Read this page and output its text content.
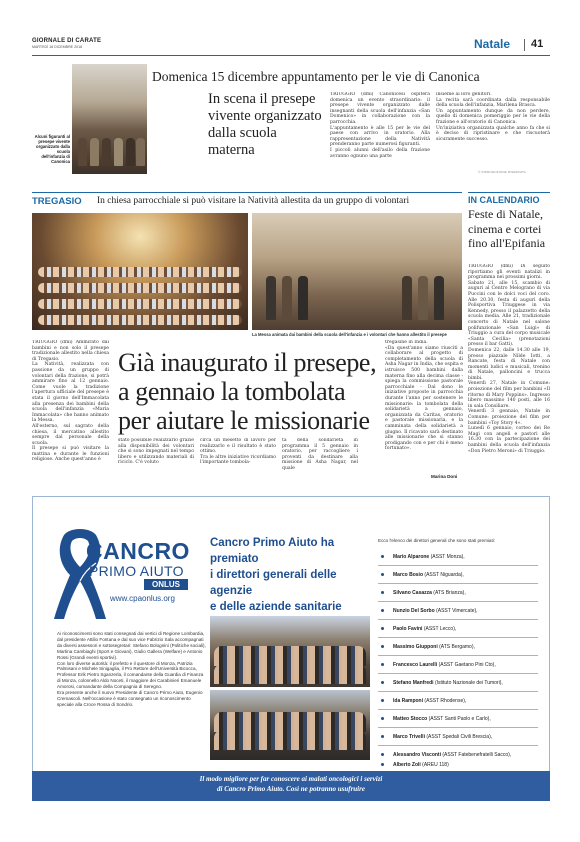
GIORNALE DI CARATE
MARTEDÌ 18 DICEMBRE 2018	Natale 41
Alcuni figuranti al presepe vivente organizzato dalla scuola dell'infanzia di Canonica
Domenica 15 dicembre appuntamento per le vie di Canonica
In scena il presepe
vivente organizzato
dalla scuola materna
TRIUGGIO (dmi) Canonicesi ospiterà domenica un evento straordinario: il presepe vivente organizzato dalle insegnanti della scuola dell'infanzia «San Domenico» in collaborazione con la parrocchia.
L'appuntamento è alle 15 per le vie del paese con arrivo in oratorio. Alla rappresentazione della Natività prenderanno parte numerosi figuranti.
I piccoli alunni dell'asilo della frazione avranno ognuno una parte
insieme ai loro genitori.
La recita sarà coordinata dalla responsabile della scuola dell'infanzia, Marilena Brasca.
Un appuntamento dunque da non perdere, quello di domenica pomeriggio per le vie della frazione e all'oratorio di Canonica.
Un'iniziativa organizzata qualche anno fa che si è deciso di ripristinare e che riscuoterà sicuramente successo.
© RIPRODUZIONE RISERVATA
TREGASIO In chiesa parrocchiale si può visitare la Natività allestita da un gruppo di volontari
La Messa animata dai bambini della scuola dell'infanzia e i volontari che hanno allestito il presepe
TRIUGGIO (dmi) Ammirato dai bambini e non solo il presepe tradizionale allestito nella chiesa di Tregasio.
La Natività, realizzata con passione da un gruppo di volontari della frazione, si potrà ammirare fino al 12 gennaio. Come vuole la tradizione l'apertura ufficiale del presepe è stata il giorno dell'Immacolata alla presenza dei bambini della scuola dell'infanzia «Maria Immacolata» che hanno animato la Messa.
All'esterno, sul sagrato della chiesa, il mercatino allestito sempre dal personale della scuola.
Il presepe si può visitare la mattina e durante le funzioni religiose. Anche quest'anno è
Già inaugurato il presepe,
a gennaio la tombolata
per aiutare le missionarie
stato possibile realizzarlo grazie alla disponibilità dei volontari che si sono impegnati nel tempo libero e utilizzando materiali di riciclo. C'è voluto
circa un mesetto di lavoro per realizzarlo e il risultato è stato ottimo.
Tra le altre iniziative ricordiamo l'importante tombola-
ta della solidarietà in programma il 5 gennaio in oratorio, per raccogliere i proventi da destinare alla missione di Asha Nagar, nel quale
tregasine in India.
«Da quest'anno siamo riusciti a collaborare al progetto di completamento della scuola di Asha Nagar in India, che ospita e istruisce 500 bambini dalla materna fino alla decima classe - spiega la commissione pastorale parrocchiale - Dal dono le iniziative proposte in parrocchia durante l'anno per sostenere le missionarie: la tombolata della solidarietà a gennaio, organizzata da Caritas, oratorio e pastorale missionaria, e la camminata della solidarietà a giugno. Il ricavato sarà destinato alle missionarie che si stanno prodigando con e per chi è meno fortunato».
Marina Doni
IN CALENDARIO
Feste di Natale,
cinema e cortei
fino all'Epifania
TRIUGGIO (dmi) Di seguito riportiamo gli eventi natalizi in programma nei prossimi giorni.
Sabato 21, alle 15, scambio di auguri al Centro Melograno di via Puccini con le dolci voci del coro. Alle 20.30, festa di auguri della Polisportiva Triuggese in via Kennedy, presso il palazzetto della scuola media. Alle 21, tradizionale concerto di Natale nel salone polifunzionale «San Luigi» di Triuggio a cura del corpo musicale «Santa Cecilia» (prenotazioni presso il bar Gatti).
Domenica 22, dalle 14.30 alle 19, presso piazzale Nilde Iotti, a Rancate, festa di Natale con momenti ludici e musicali, trenino di Natale, palloncini e trucca bimbi.
Venerdì 27, Natale in Comune: proiezione del film per bambini «Il ritorno di Mary Poppins». Ingresso libero massimo 140 posti, alle 16 in sala Consiliare.
Venerdì 3 gennaio, Natale in Comune: proiezione del film per bambini «Toy Story 4».
Lunedì 6 gennaio, corteo dei Re Magi con angeli e pastori alle 16.30 con la partecipazione dei bambini della scuola dell'infanzia «Don Pietro Meroni» di Triuggio.
CANCRO
PRIMO AIUTO
ONLUS
www.cpaonlus.org
Cancro Primo Aiuto ha premiato
i direttori generali delle agenzie
e delle aziende sanitarie

Ai riconoscimenti sono stati consegnati dai vertici di Regione Lombardia, dal presidente Attilio Fontana e dal suo vice Fabrizio Sala accompagnati da diversi assessori e sottosegretari: Stefano Bolognini (Politiche sociali), Martina Cambiaghi (Sport e Giovani), Giulio Gallera (Welfare) e Antonio Rossi (Grandi eventi sportivi).
Con loro diverse autorità: il prefetto e il questore di Monza, Patrizia Palmisani e Michele Sinigaglia, il Pro Rettore dell'Università Bicocca, Professor Erik Pietro Sganzerla, il comandante della Guardia di Finanza di Monza, colonnello Aldo Noceti, il maggiore dei Carabinieri Emanuele Amorosi, comandante della Compagnia di Seregno.
Era presente anche il nuovo Presidente di Cancro Primo Aiuto, Eugenio Cremascoli. Nell'occasione è stato consegnato un riconoscimento speciale alla Croce Rossa di Sondrio.
Ecco l'elenco dei direttori generali che sono stati premiati:
Mario Alparone (ASST Monza),
Marco Bosio (ASST Niguarda),
Silvano Casazza (ATS Brianza),
Nunzio Del Sorbo (ASST Vimercate),
Paolo Favini (ASST Lecco),
Massimo Giupponi (ATS Bergamo),
Francesco Laurelli (ASST Gaetano Pini Cto),
Stefano Manfredi (Istituto Nazionale dei Tumori),
Ida Ramponi (ASST Rhodense),
Matteo Stocco (ASST Santi Paolo e Carlo),
Marco Trivelli (ASST Spedali Civili Brescia),
Alessandro Visconti (ASST Fatebenefratelli Sacco),
Il modo migliore per far conoscere ai malati oncologici i servizi
di Cancro Primo Aiuto. Così ne potranno usufruire
Alberto Zoli (AREU 118)
